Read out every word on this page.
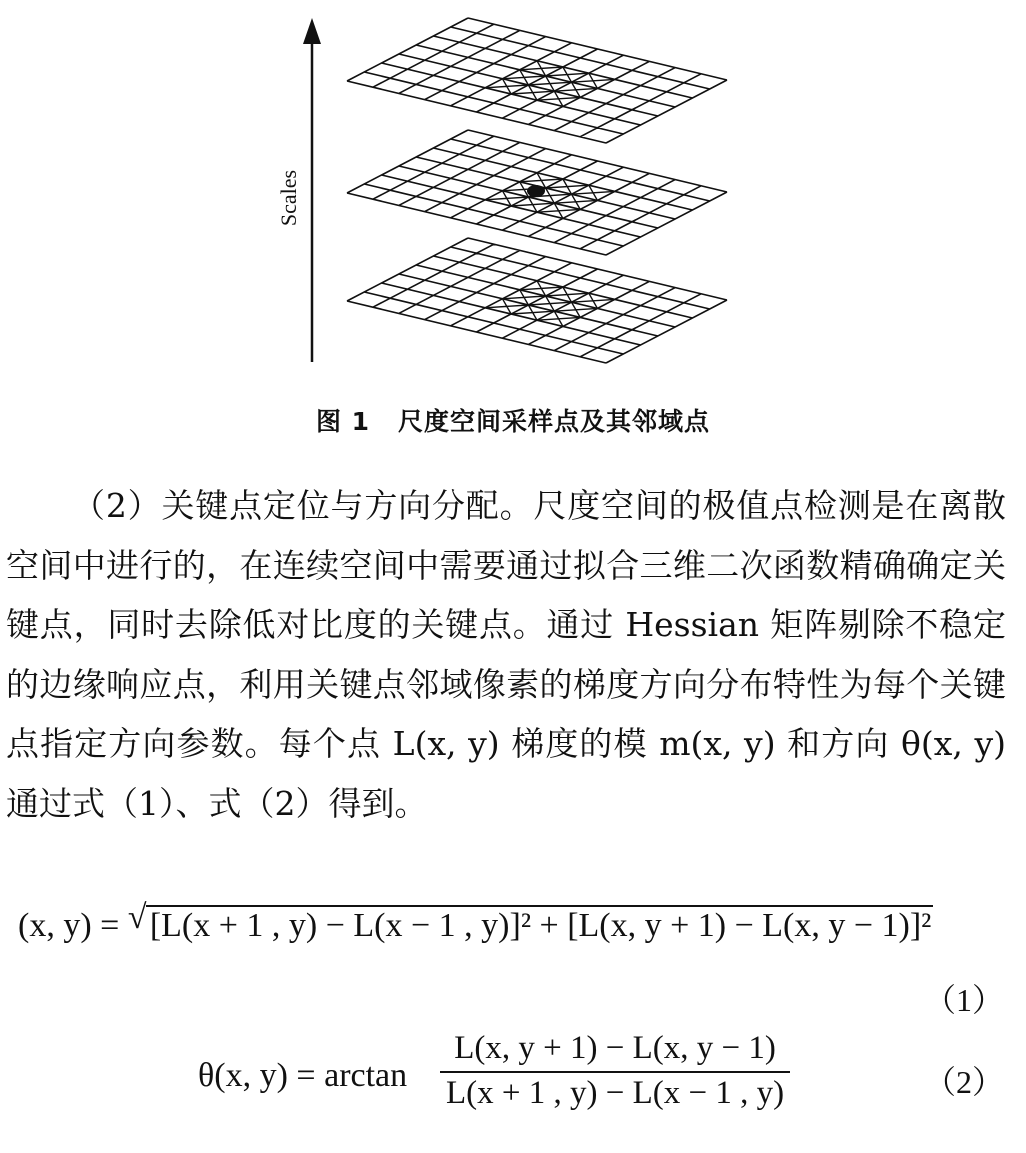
Scales
图 1 尺度空间采样点及其邻域点

（2）关键点定位与方向分配。尺度空间的极值点检测是在离散空间中进行的，在连续空间中需要通过拟合三维二次函数精确确定关键点，同时去除低对比度的关键点。通过 Hessian 矩阵剔除不稳定的边缘响应点，利用关键点邻域像素的梯度方向分布特性为每个关键点指定方向参数。每个点 L(x, y) 梯度的模 m(x, y) 和方向 θ(x, y) 通过式（1）、式（2）得到。

(x, y) = √ [L(x + 1 , y) − L(x − 1 , y)]² + [L(x, y + 1) − L(x, y − 1)]²
（1）
θ(x, y) = arctan
L(x, y + 1) − L(x, y − 1)
L(x + 1 , y) − L(x − 1 , y)	（2）
